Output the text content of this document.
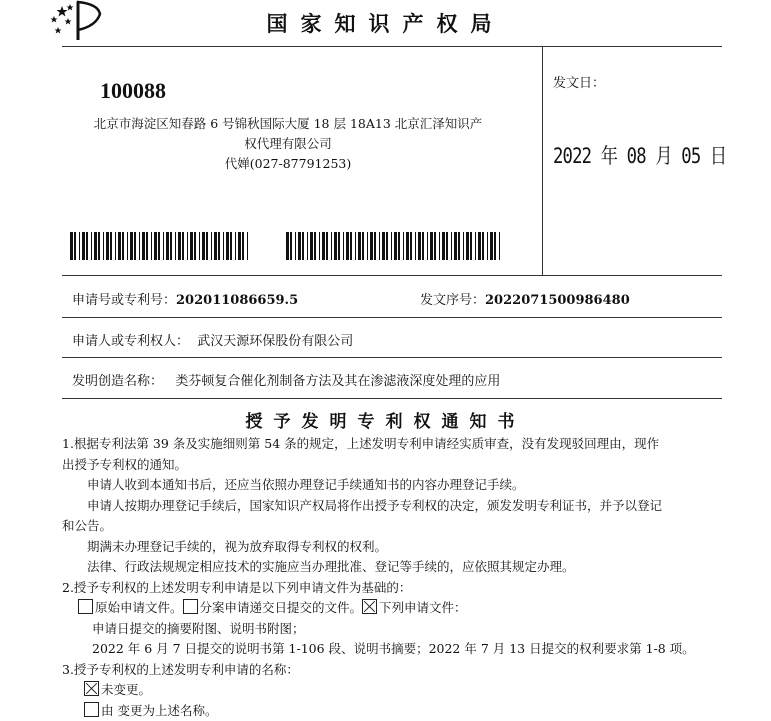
国家知识产权局
100088
北京市海淀区知春路 6 号锦秋国际大厦 18 层 18A13 北京汇泽知识产
权代理有限公司
代婵(027-87791253)
发文日：
2022 年 08 月 05 日
申请号或专利号：202011086659.5	发文序号：2022071500986480
申请人或专利权人： 武汉天源环保股份有限公司
发明创造名称： 类芬顿复合催化剂制备方法及其在渗滤液深度处理的应用
授予发明专利权通知书
1.根据专利法第 39 条及实施细则第 54 条的规定，上述发明专利申请经实质审查，没有发现驳回理由，现作
出授予专利权的通知。
申请人收到本通知书后，还应当依照办理登记手续通知书的内容办理登记手续。
申请人按期办理登记手续后，国家知识产权局将作出授予专利权的决定，颁发发明专利证书，并予以登记
和公告。
期满未办理登记手续的，视为放弃取得专利权的权利。
法律、行政法规规定相应技术的实施应当办理批准、登记等手续的，应依照其规定办理。
2.授予专利权的上述发明专利申请是以下列申请文件为基础的：
原始申请文件。 分案申请递交日提交的文件。 下列申请文件：
申请日提交的摘要附图、说明书附图；
2022 年 6 月 7 日提交的说明书第 1-106 段、说明书摘要；2022 年 7 月 13 日提交的权利要求第 1-8 项。
3.授予专利权的上述发明专利申请的名称：
未变更。
由 变更为上述名称。
